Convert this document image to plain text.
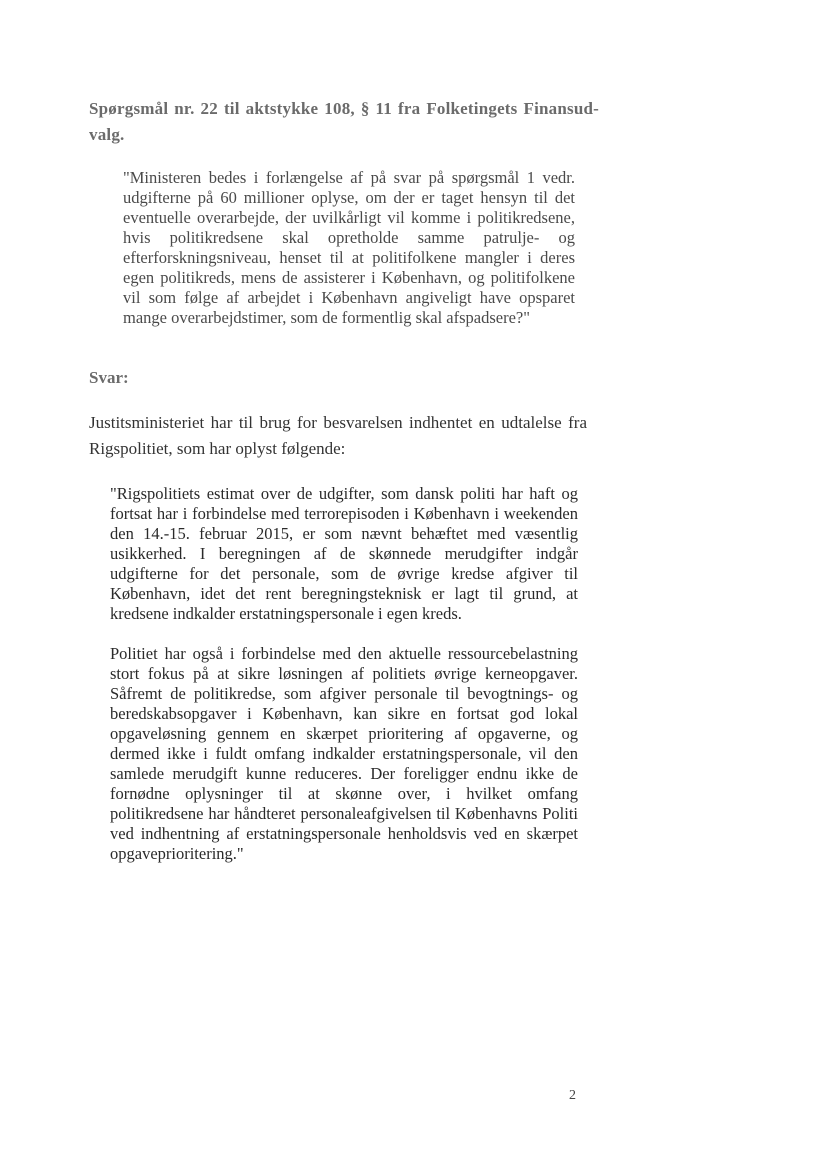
Spørgsmål nr. 22 til aktstykke 108, § 11 fra Folketingets Finansud-valg.
"Ministeren bedes i forlængelse af på svar på spørgsmål 1 vedr. udgifterne på 60 millioner oplyse, om der er taget hensyn til det eventuelle overarbejde, der uvilkårligt vil komme i politikredsene, hvis politikredsene skal opretholde samme patrulje- og efterforskningsniveau, henset til at politifolkene mangler i deres egen politikreds, mens de assisterer i København, og politifolkene vil som følge af arbejdet i København angiveligt have opsparet mange overarbejdstimer, som de formentlig skal afspadsere?"
Svar:
Justitsministeriet har til brug for besvarelsen indhentet en udtalelse fra Rigspolitiet, som har oplyst følgende:

"Rigspolitiets estimat over de udgifter, som dansk politi har haft og fortsat har i forbindelse med terrorepisoden i København i weekenden den 14.-15. februar 2015, er som nævnt behæftet med væsentlig usikkerhed. I beregningen af de skønnede merudgifter indgår udgifterne for det personale, som de øvrige kredse afgiver til København, idet det rent beregningsteknisk er lagt til grund, at kredsene indkalder erstatningspersonale i egen kreds.

Politiet har også i forbindelse med den aktuelle ressourcebelastning stort fokus på at sikre løsningen af politiets øvrige kerneopgaver. Såfremt de politikredse, som afgiver personale til bevogtnings- og beredskabsopgaver i København, kan sikre en fortsat god lokal opgaveløsning gennem en skærpet prioritering af opgaverne, og dermed ikke i fuldt omfang indkalder erstatningspersonale, vil den samlede merudgift kunne reduceres. Der foreligger endnu ikke de fornødne oplysninger til at skønne over, i hvilket omfang politikredsene har håndteret personaleafgivelsen til Københavns Politi ved indhentning af erstatningspersonale henholdsvis ved en skærpet opgaveprioritering."

2
